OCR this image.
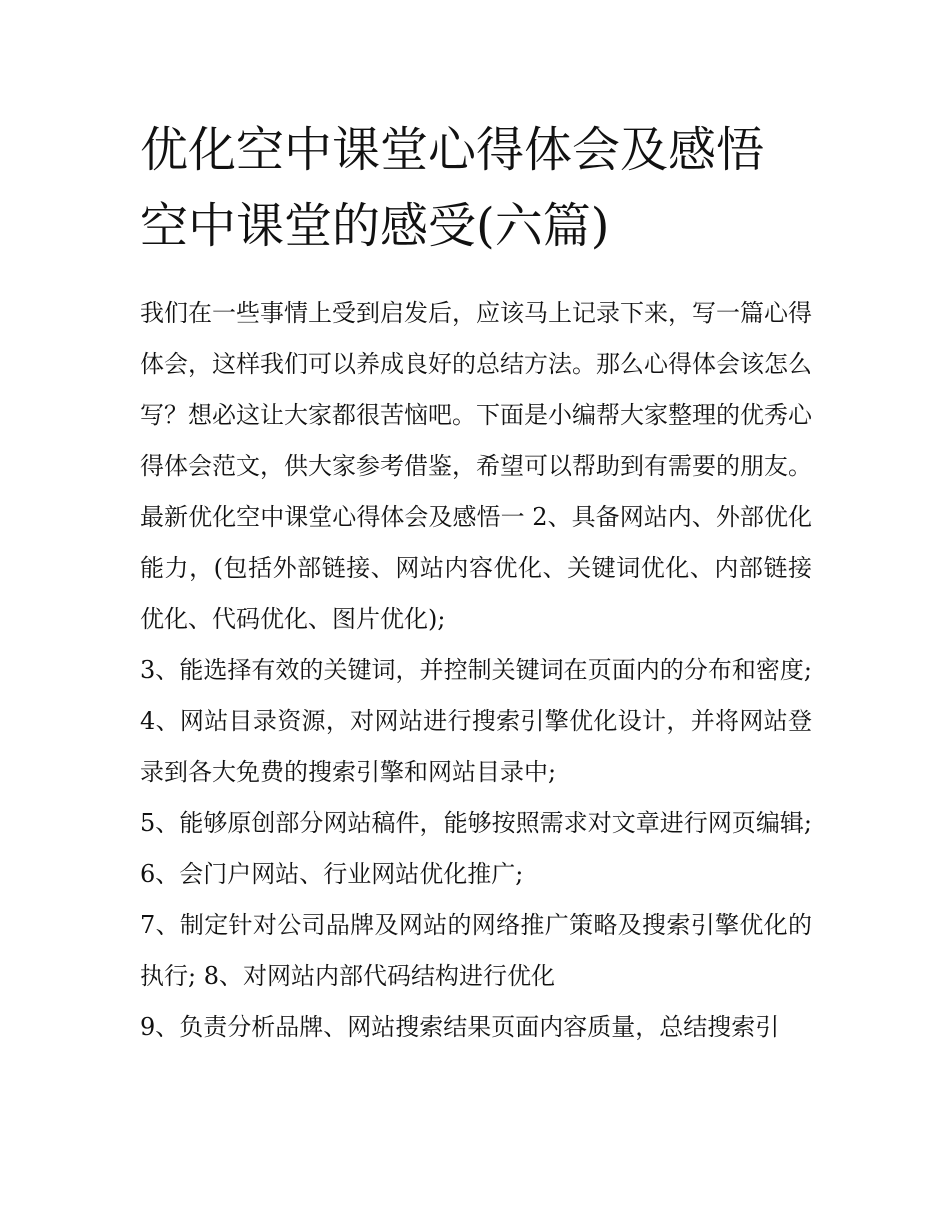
优化空中课堂心得体会及感悟
空中课堂的感受(六篇)

我们在一些事情上受到启发后，应该马上记录下来，写一篇心得体会，这样我们可以养成良好的总结方法。那么心得体会该怎么写？想必这让大家都很苦恼吧。下面是小编帮大家整理的优秀心得体会范文，供大家参考借鉴，希望可以帮助到有需要的朋友。

最新优化空中课堂心得体会及感悟一 2、具备网站内、外部优化能力，(包括外部链接、网站内容优化、关键词优化、内部链接优化、代码优化、图片优化);

3、能选择有效的关键词，并控制关键词在页面内的分布和密度; 4、网站目录资源，对网站进行搜索引擎优化设计，并将网站登录到各大免费的搜索引擎和网站目录中;

5、能够原创部分网站稿件，能够按照需求对文章进行网页编辑; 6、会门户网站、行业网站优化推广;

7、制定针对公司品牌及网站的网络推广策略及搜索引擎优化的执行; 8、对网站内部代码结构进行优化

9、负责分析品牌、网站搜索结果页面内容质量，总结搜索引
